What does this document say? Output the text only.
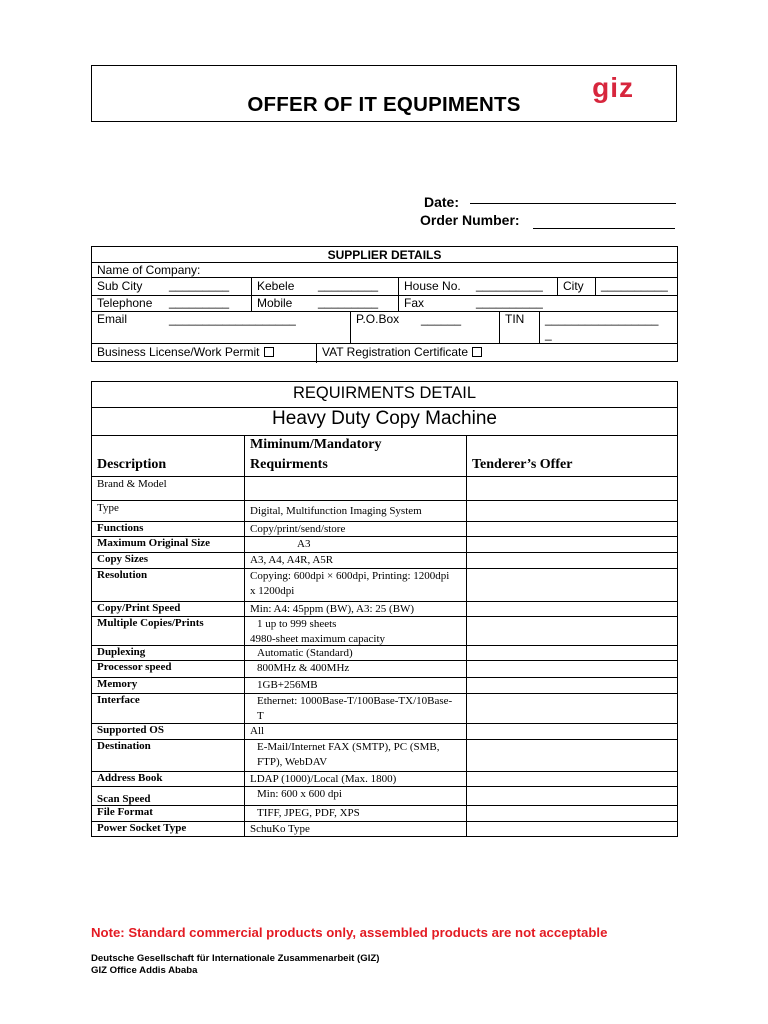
OFFER OF IT EQUPIMENTS
giz
Date:
Order Number:
SUPPLIER DETAILS
Name of Company:
Sub City _________ Kebele _________ House No. __________ City __________
Telephone _________ Mobile _________ Fax	__________
Email	___________________	P.O.Box ______	TIN _________________
_
Business License/Work Permit	VAT Registration Certificate
REQUIRMENTS DETAIL
Heavy Duty Copy Machine
Description
Miminum/Mandatory
Requirments	Tenderer’s Offer
Brand & Model
Type	Digital, Multifunction Imaging System
Functions	Copy/print/send/store
Maximum Original Size	A3
Copy Sizes	A3, A4, A4R, A5R
Resolution	Copying: 600dpi × 600dpi, Printing: 1200dpi
x 1200dpi
Copy/Print Speed	Min: A4: 45ppm (BW), A3: 25 (BW)
Multiple Copies/Prints	1 up to 999 sheets
4980-sheet maximum capacity
Duplexing	Automatic (Standard)
Processor speed	800MHz & 400MHz
Memory	1GB+256MB
Interface	Ethernet: 1000Base-T/100Base-TX/10Base-
T
Supported OS	All
Destination	E-Mail/Internet FAX (SMTP), PC (SMB,
FTP), WebDAV
Address Book	LDAP (1000)/Local (Max. 1800)
Scan Speed	Min: 600 x 600 dpi
File Format	TIFF, JPEG, PDF, XPS
Power Socket Type	SchuKo Type
Note: Standard commercial products only, assembled products are not acceptable
Deutsche Gesellschaft für Internationale Zusammenarbeit (GIZ)
GIZ Office Addis Ababa
